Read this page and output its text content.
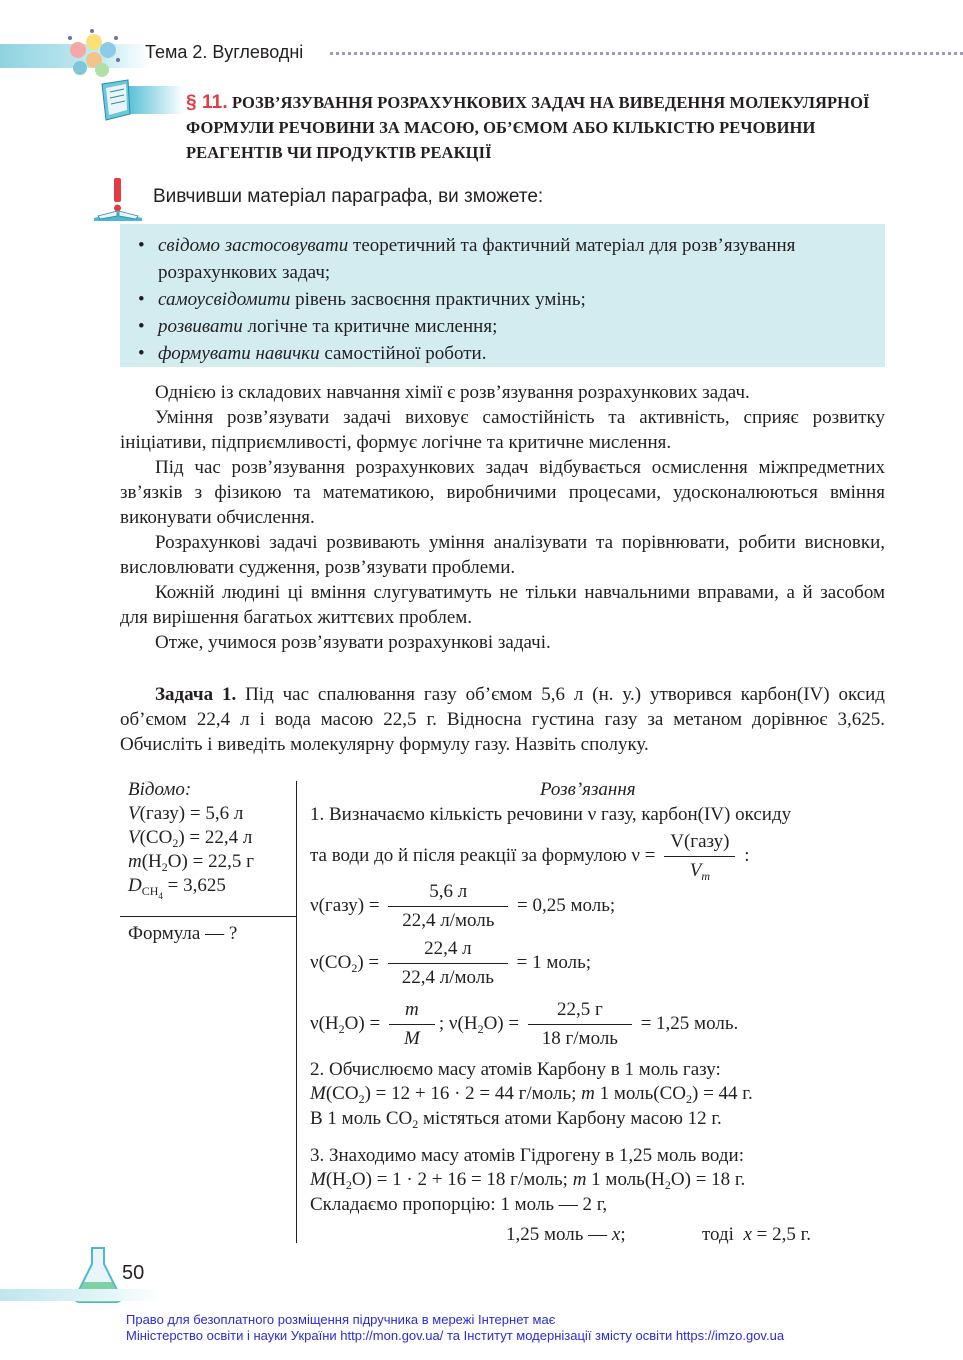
Тема 2. Вуглеводні
§ 11. РОЗВ’ЯЗУВАННЯ РОЗРАХУНКОВИХ ЗАДАЧ НА ВИВЕДЕННЯ МОЛЕКУЛЯРНОЇ ФОРМУЛИ РЕЧОВИНИ ЗА МАСОЮ, ОБ’ЄМОМ АБО КІЛЬКІСТЮ РЕЧОВИНИ РЕАГЕНТІВ ЧИ ПРОДУКТІВ РЕАКЦІЇ
Вивчивши матеріал параграфа, ви зможете:
• свідомо застосовувати теоретичний та фактичний матеріал для розв’язування розрахункових задач;
• самоусвідомити рівень засвоєння практичних умінь;
• розвивати логічне та критичне мислення;
• формувати навички самостійної роботи.

Однією із складових навчання хімії є розв’язування розрахункових задач.

Уміння розв’язувати задачі виховує самостійність та активність, сприяє розвитку ініціативи, підприємливості, формує логічне та критичне мислення.

Під час розв’язування розрахункових задач відбувається осмислення міжпредметних зв’язків з фізикою та математикою, виробничими процесами, удосконалюються вміння виконувати обчислення.

Розрахункові задачі розвивають уміння аналізувати та порівнювати, робити висновки, висловлювати судження, розв’язувати проблеми.

Кожній людині ці вміння слугуватимуть не тільки навчальними вправами, а й засобом для вирішення багатьох життєвих проблем.

Отже, учимося розв’язувати розрахункові задачі.

Задача 1. Під час спалювання газу об’ємом 5,6 л (н. у.) утворився карбон(IV) оксид об’ємом 22,4 л і вода масою 22,5 г. Відносна густина газу за метаном дорівнює 3,625. Обчисліть і виведіть молекулярну формулу газу. Назвіть сполуку.

Відомо:
V(газу) = 5,6 л
$V(CO_2) = 22,4$ л
$m(H_2O) = 22,5$ г
$D_{CH_4} = 3,625$
Формула — ?
Розв’язання
1. Визначаємо кількість речовини ν газу, карбон(IV) оксиду
та води до й після реакції за формулою $\nu = \frac{\text{V(газу)}}{V_m}$ :
ν(газу) = $\frac{5,6 л}{\text{22,4 л/моль}} = 0,25$ моль;
$\nu(CO_2) = \frac{22,4 л}{\text{22,4 л/моль}} = 1$ моль;
$\nu(H_2O) = \frac{m}{M}$ ; $\nu(H_2O) = \frac{22,5 г}{\text{18 г/моль}} = 1,25$ моль.
2. Обчислюємо масу атомів Карбону в 1 моль газу:
$M(CO_2) = 12 + 16 \cdot 2 = 44$ г/моль; m 1 $моль(CO_2) = 44$ г.
В 1 моль $CO_2$ містяться атоми Карбону масою 12 г.
3. Знаходимо масу атомів Гідрогену в 1,25 моль води:
$M(H_2O) = 1 \cdot 2 + 16 = 18$ г/моль; m 1 $моль(H_2O) = 18$ г.
Складаємо пропорцію: 1 моль — 2 г,
1,25 моль — x;	тоді x = 2,5 г.
50
Право для безоплатного розміщення підручника в мережі Інтернет має
Міністерство освіти і науки України http://mon.gov.ua/ та Інститут модернізації змісту освіти https://imzo.gov.ua
